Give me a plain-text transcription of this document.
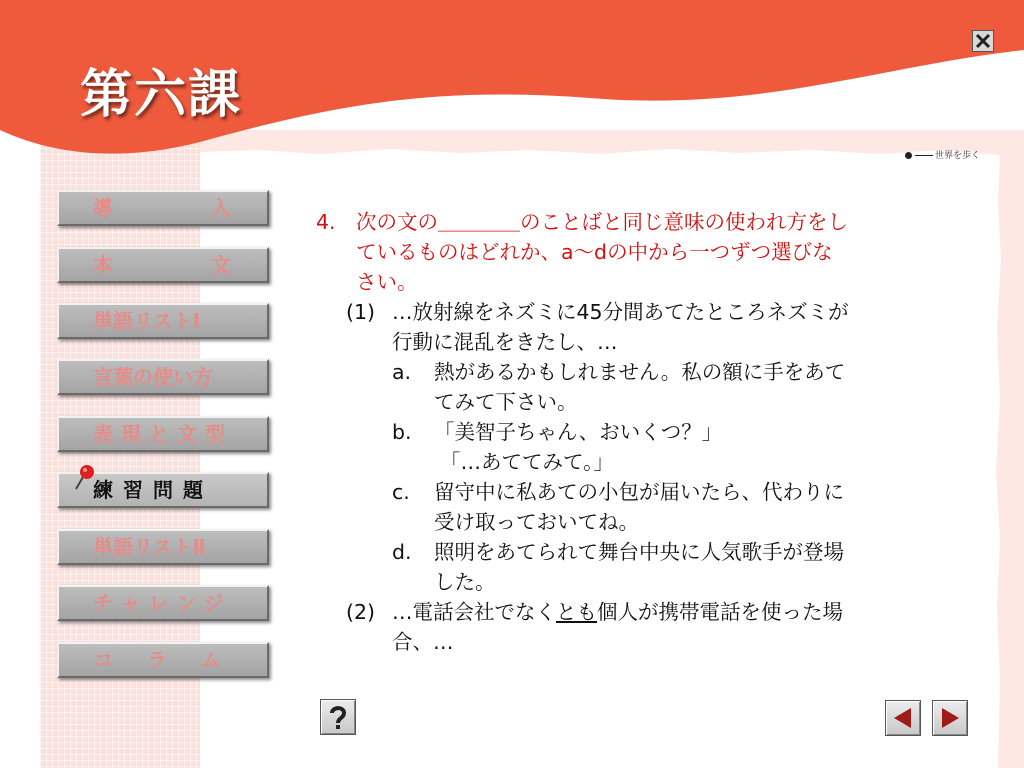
第六課
世界を歩く
導	入
本	文
単語リストⅠ
言葉の使い方
表現と文型
練習問題
単語リストⅡ
チャレンジ
コラム
4. 次の文の＿＿＿＿のことばと同じ意味の使われ方をし
ているものはどれか、a〜dの中から一つずつ選びな
さい。
(1) …放射線をネズミに45分間あてたところネズミが
行動に混乱をきたし、…
a.	熱があるかもしれません。私の額に手をあて
てみて下さい。
b.	「美智子ちゃん、おいくつ？」
「…あててみて。」
c.	留守中に私あての小包が届いたら、代わりに
受け取っておいてね。
d.	照明をあてられて舞台中央に人気歌手が登場
した。
(2) …電話会社でなくとも個人が携帯電話を使った場
合、…
